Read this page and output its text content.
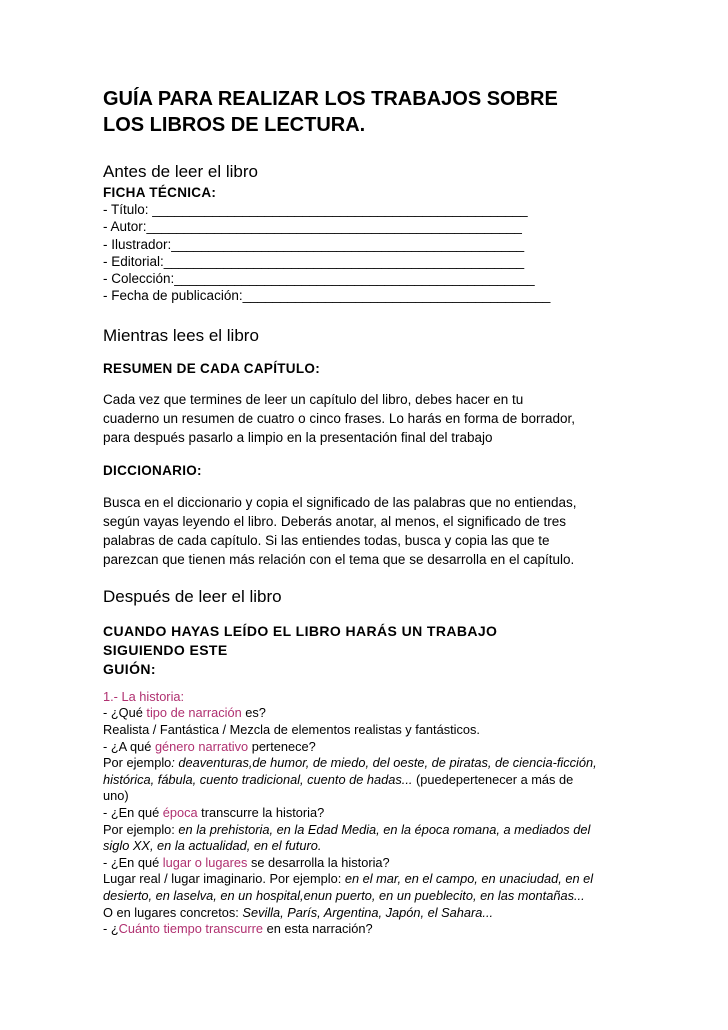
GUÍA PARA REALIZAR LOS TRABAJOS SOBRE

LOS LIBROS DE LECTURA.

Antes de leer el libro

FICHA TÉCNICA:

- Título: __________________________________________________

- Autor:__________________________________________________

- Ilustrador:_______________________________________________

- Editorial:________________________________________________

- Colección:________________________________________________

- Fecha de publicación:_________________________________________

Mientras lees el libro

RESUMEN DE CADA CAPÍTULO:

Cada vez que termines de leer un capítulo del libro, debes hacer en tu

cuaderno un resumen de cuatro o cinco frases. Lo harás en forma de borrador,

para después pasarlo a limpio en la presentación final del trabajo

DICCIONARIO:

Busca en el diccionario y copia el significado de las palabras que no entiendas,

según vayas leyendo el libro. Deberás anotar, al menos, el significado de tres

palabras de cada capítulo. Si las entiendes todas, busca y copia las que te

parezcan que tienen más relación con el tema que se desarrolla en el capítulo.

Después de leer el libro

CUANDO HAYAS LEÍDO EL LIBRO HARÁS UN TRABAJO

SIGUIENDO ESTE

GUIÓN:

1.- La historia:

- ¿Qué tipo de narración es?

Realista / Fantástica / Mezcla de elementos realistas y fantásticos.

- ¿A qué género narrativo pertenece?

Por ejemplo: deaventuras,de humor, de miedo, del oeste, de piratas, de ciencia-ficción,

histórica, fábula, cuento tradicional, cuento de hadas... (puedepertenecer a más de

uno)

- ¿En qué época transcurre la historia?

Por ejemplo: en la prehistoria, en la Edad Media, en la época romana, a mediados del

siglo XX, en la actualidad, en el futuro.

- ¿En qué lugar o lugares se desarrolla la historia?

Lugar real / lugar imaginario. Por ejemplo: en el mar, en el campo, en unaciudad, en el

desierto, en laselva, en un hospital,enun puerto, en un pueblecito, en las montañas...

O en lugares concretos: Sevilla, París, Argentina, Japón, el Sahara...

- ¿Cuánto tiempo transcurre en esta narración?
